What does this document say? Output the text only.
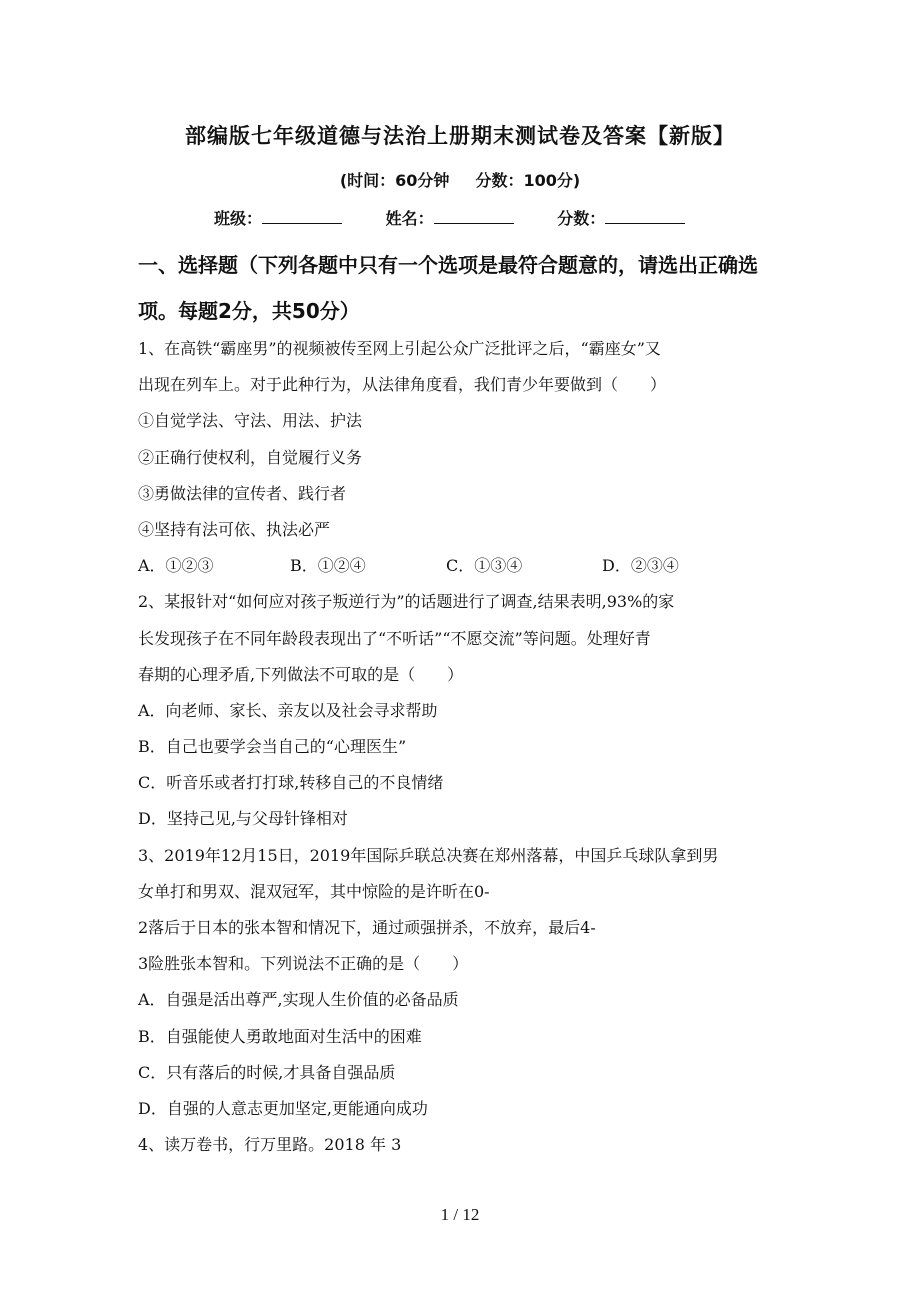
部编版七年级道德与法治上册期末测试卷及答案【新版】
(时间：60分钟 分数：100分)
班级：	姓名：	分数：
一、选择题（下列各题中只有一个选项是最符合题意的，请选出正确选项。每题2分，共50分）
1、在高铁“霸座男”的视频被传至网上引起公众广泛批评之后，“霸座女”又
出现在列车上。对于此种行为，从法律角度看，我们青少年要做到（　　）
①自觉学法、守法、用法、护法
②正确行使权利，自觉履行义务
③勇做法律的宣传者、践行者
④坚持有法可依、执法必严
A．①②③	B．①②④	C．①③④	D．②③④
2、某报针对“如何应对孩子叛逆行为”的话题进行了调查,结果表明,93%的家
长发现孩子在不同年龄段表现出了“不听话”“不愿交流”等问题。处理好青
春期的心理矛盾,下列做法不可取的是（　　）
A．向老师、家长、亲友以及社会寻求帮助
B．自己也要学会当自己的“心理医生”
C．听音乐或者打打球,转移自己的不良情绪
D．坚持己见,与父母针锋相对
3、2019年12月15日，2019年国际乒联总决赛在郑州落幕，中国乒乓球队拿到男
女单打和男双、混双冠军，其中惊险的是许昕在0-
2落后于日本的张本智和情况下，通过顽强拼杀，不放弃，最后4-
3险胜张本智和。下列说法不正确的是（　　）
A．自强是活出尊严,实现人生价值的必备品质
B．自强能使人勇敢地面对生活中的困难
C．只有落后的时候,才具备自强品质
D．自强的人意志更加坚定,更能通向成功
4、读万卷书，行万里路。2018 年 3
1 / 12
